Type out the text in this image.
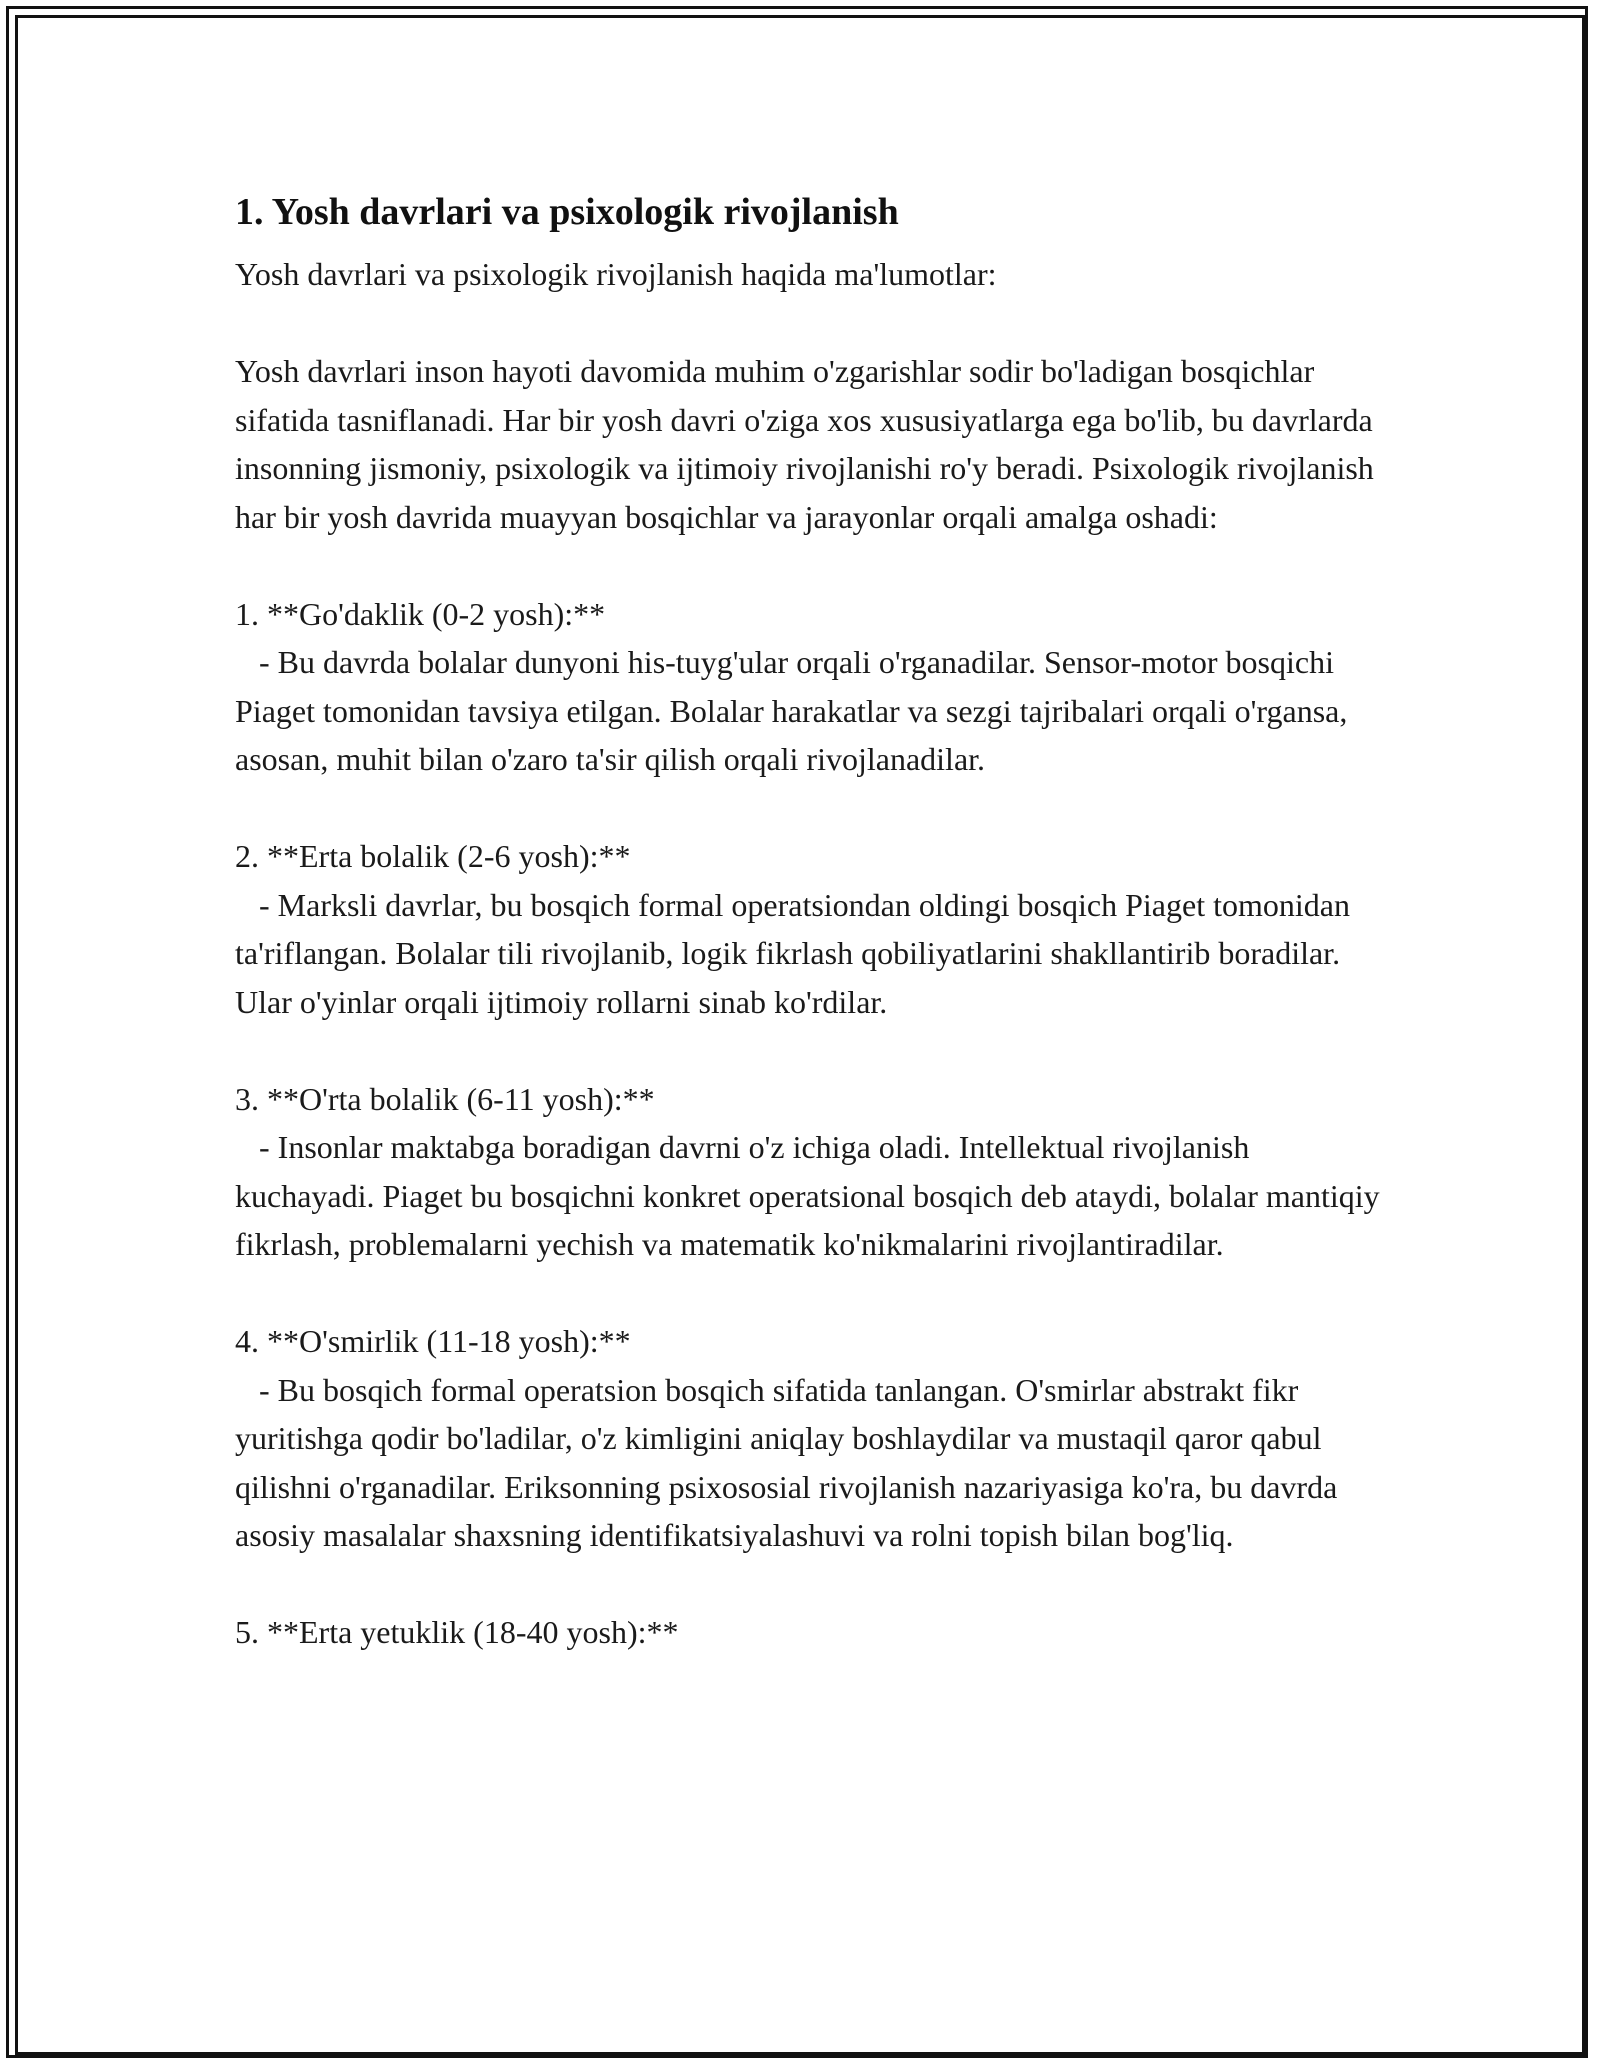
1. Yosh davrlari va psixologik rivojlanish

Yosh davrlari va psixologik rivojlanish haqida ma'lumotlar:

Yosh davrlari inson hayoti davomida muhim o'zgarishlar sodir bo'ladigan bosqichlar sifatida tasniflanadi. Har bir yosh davri o'ziga xos xususiyatlarga ega bo'lib, bu davrlarda insonning jismoniy, psixologik va ijtimoiy rivojlanishi ro'y beradi. Psixologik rivojlanish har bir yosh davrida muayyan bosqichlar va jarayonlar orqali amalga oshadi:

1. **Go'daklik (0-2 yosh):**
- Bu davrda bolalar dunyoni his-tuyg'ular orqali o'rganadilar. Sensor-motor bosqichi Piaget tomonidan tavsiya etilgan. Bolalar harakatlar va sezgi tajribalari orqali o'rgansa, asosan, muhit bilan o'zaro ta'sir qilish orqali rivojlanadilar.

2. **Erta bolalik (2-6 yosh):**
- Marksli davrlar, bu bosqich formal operatsiondan oldingi bosqich Piaget tomonidan ta'riflangan. Bolalar tili rivojlanib, logik fikrlash qobiliyatlarini shakllantirib boradilar. Ular o'yinlar orqali ijtimoiy rollarni sinab ko'rdilar.

3. **O'rta bolalik (6-11 yosh):**
- Insonlar maktabga boradigan davrni o'z ichiga oladi. Intellektual rivojlanish kuchayadi. Piaget bu bosqichni konkret operatsional bosqich deb ataydi, bolalar mantiqiy fikrlash, problemalarni yechish va matematik ko'nikmalarini rivojlantiradilar.

4. **O'smirlik (11-18 yosh):**
- Bu bosqich formal operatsion bosqich sifatida tanlangan. O'smirlar abstrakt fikr yuritishga qodir bo'ladilar, o'z kimligini aniqlay boshlaydilar va mustaqil qaror qabul qilishni o'rganadilar. Eriksonning psixososial rivojlanish nazariyasiga ko'ra, bu davrda asosiy masalalar shaxsning identifikatsiyalashuvi va rolni topish bilan bog'liq.

5. **Erta yetuklik (18-40 yosh):**
